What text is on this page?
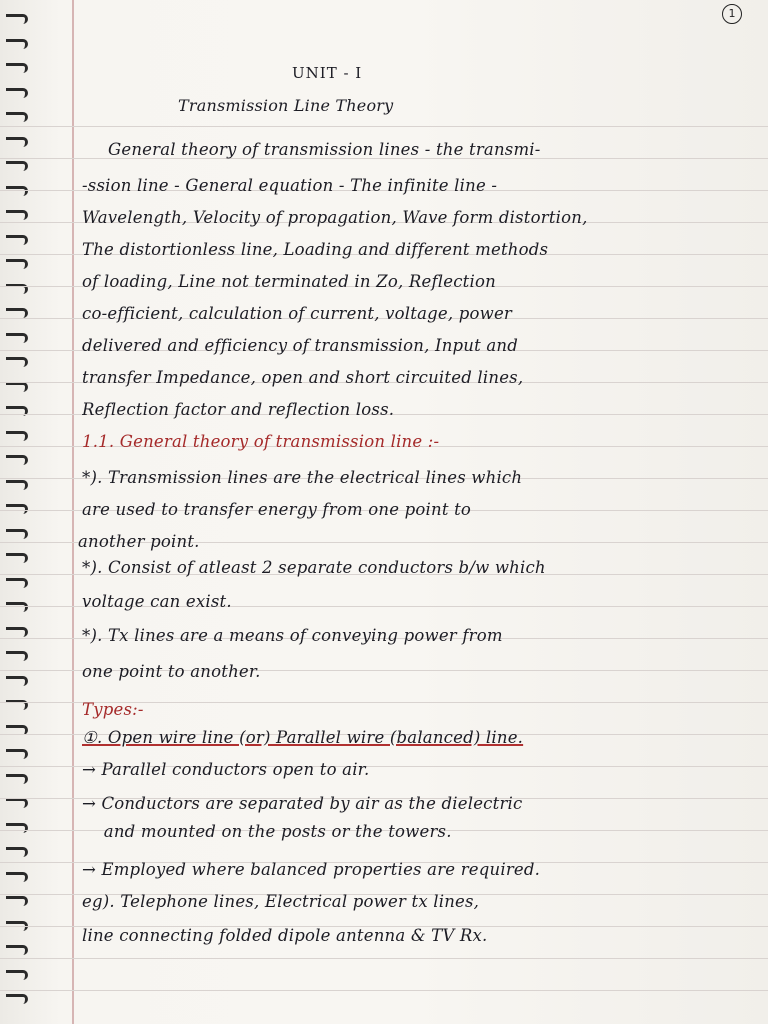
1
UNIT - I
Transmission Line Theory
General theory of transmission lines - the transmi-
-ssion line - General equation - The infinite line -
Wavelength, Velocity of propagation, Wave form distortion,
The distortionless line, Loading and different methods
of loading, Line not terminated in Zo, Reflection
co-efficient, calculation of current, voltage, power
delivered and efficiency of transmission, Input and
transfer Impedance, open and short circuited lines,
Reflection factor and reflection loss.
1.1. General theory of transmission line :-
*). Transmission lines are the electrical lines which
are used to transfer energy from one point to
another point.
*). Consist of atleast 2 separate conductors b/w which
voltage can exist.
*). Tx lines are a means of conveying power from
one point to another.
Types:-
①. Open wire line (or) Parallel wire (balanced) line.
→ Parallel conductors open to air.
→ Conductors are separated by air as the dielectric
and mounted on the posts or the towers.
→ Employed where balanced properties are required.
eg). Telephone lines, Electrical power tx lines,
line connecting folded dipole antenna & TV Rx.
